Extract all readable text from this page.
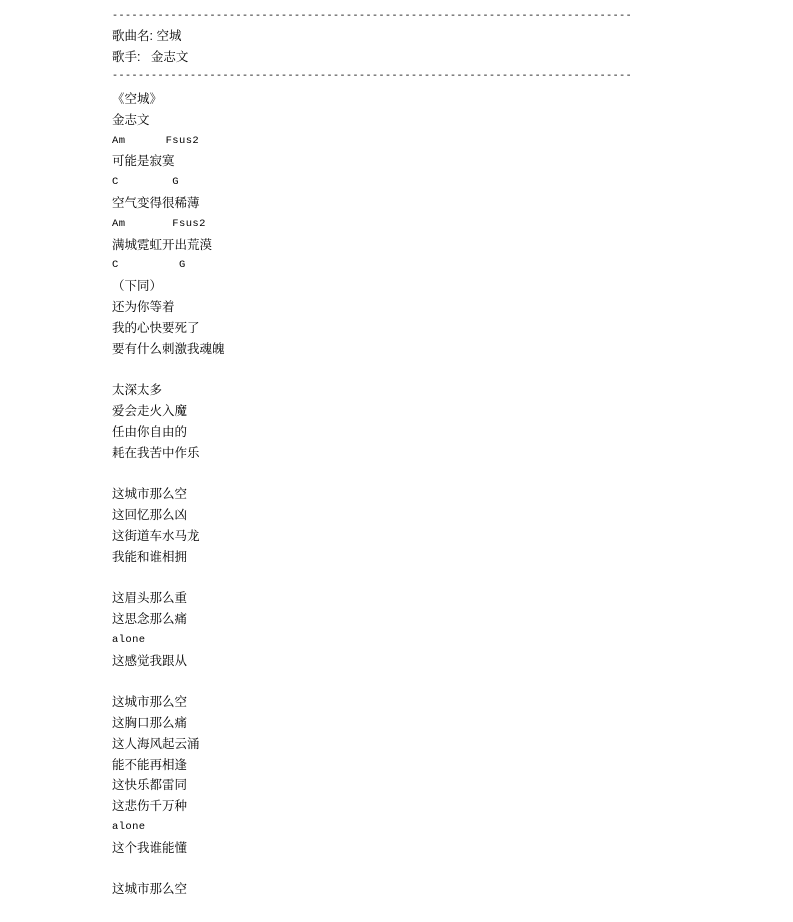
--------------------------------------------------------------------------------
歌曲名: 空城
歌手:   金志文
--------------------------------------------------------------------------------
《空城》
金志文
Am      Fsus2
可能是寂寞
C        G
空气变得很稀薄
Am       Fsus2
满城霓虹开出荒漠
C         G
（下同）
还为你等着
我的心快要死了
要有什么刺激我魂魄
太深太多
爱会走火入魔
任由你自由的
耗在我苦中作乐
这城市那么空
这回忆那么凶
这街道车水马龙
我能和谁相拥
这眉头那么重
这思念那么痛
alone
这感觉我跟从
这城市那么空
这胸口那么痛
这人海风起云涌
能不能再相逢
这快乐都雷同
这悲伤千万种
alone
这个我谁能懂
这城市那么空
